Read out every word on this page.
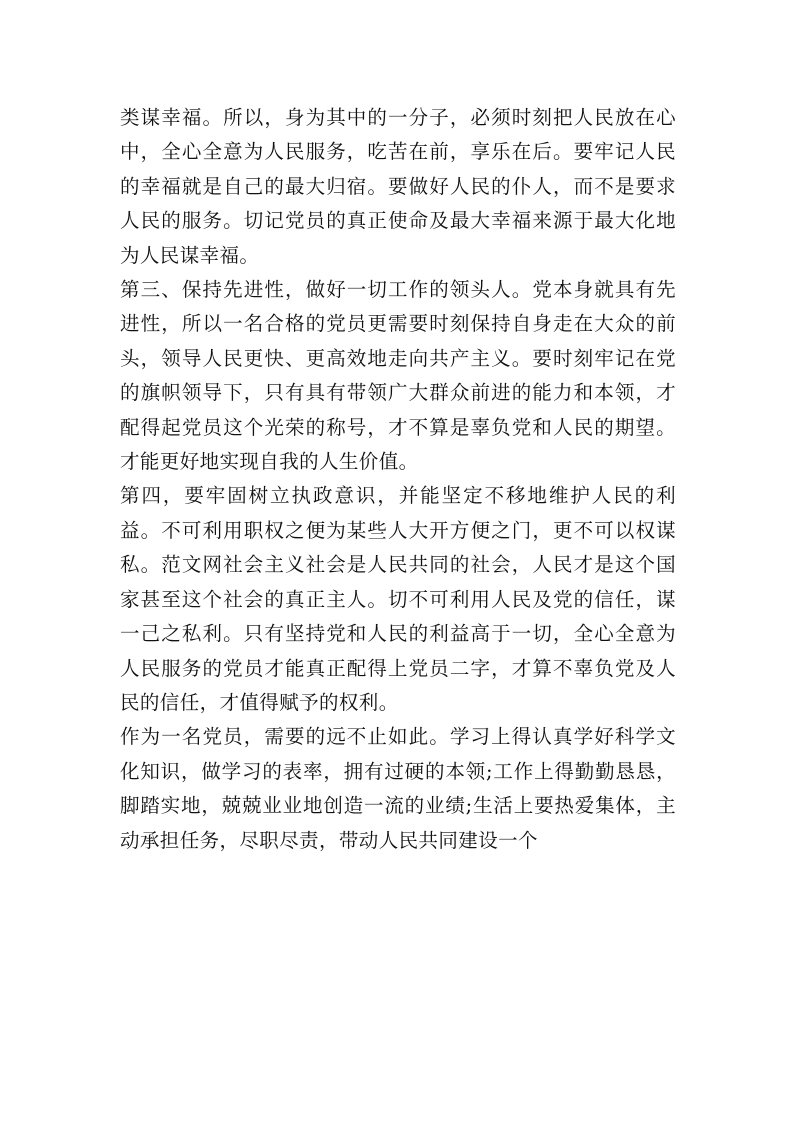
类谋幸福。所以，身为其中的一分子，必须时刻把人民放在心中，全心全意为人民服务，吃苦在前，享乐在后。要牢记人民的幸福就是自己的最大归宿。要做好人民的仆人，而不是要求人民的服务。切记党员的真正使命及最大幸福来源于最大化地为人民谋幸福。

第三、保持先进性，做好一切工作的领头人。党本身就具有先进性，所以一名合格的党员更需要时刻保持自身走在大众的前头，领导人民更快、更高效地走向共产主义。要时刻牢记在党的旗帜领导下，只有具有带领广大群众前进的能力和本领，才配得起党员这个光荣的称号，才不算是辜负党和人民的期望。才能更好地实现自我的人生价值。

第四，要牢固树立执政意识，并能坚定不移地维护人民的利益。不可利用职权之便为某些人大开方便之门，更不可以权谋私。范文网社会主义社会是人民共同的社会，人民才是这个国家甚至这个社会的真正主人。切不可利用人民及党的信任，谋一己之私利。只有坚持党和人民的利益高于一切，全心全意为人民服务的党员才能真正配得上党员二字，才算不辜负党及人民的信任，才值得赋予的权利。

作为一名党员，需要的远不止如此。学习上得认真学好科学文化知识，做学习的表率，拥有过硬的本领;工作上得勤勤恳恳，脚踏实地，兢兢业业地创造一流的业绩;生活上要热爱集体，主动承担任务，尽职尽责，带动人民共同建设一个
